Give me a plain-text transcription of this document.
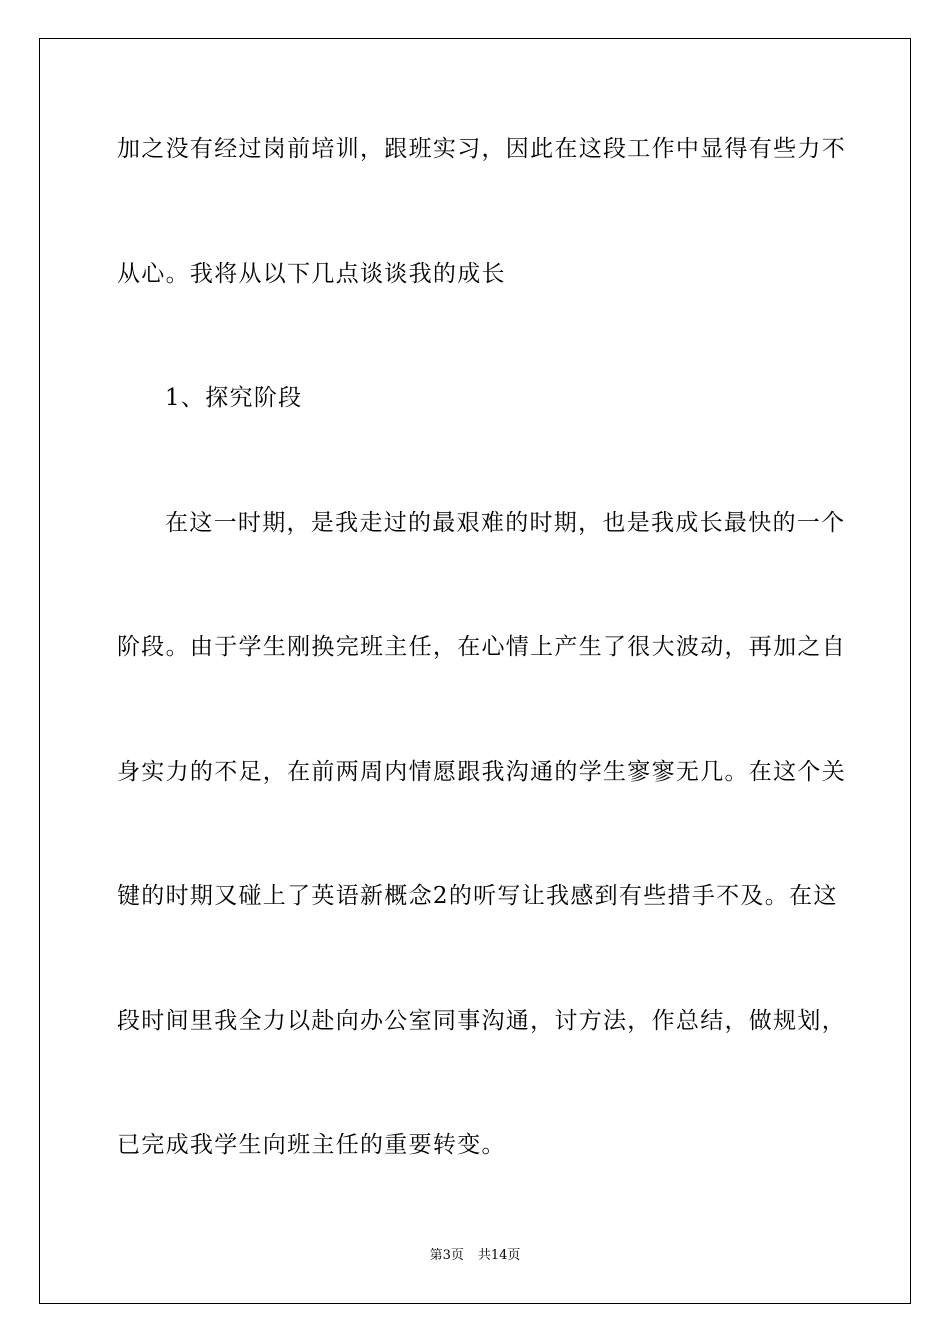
加之没有经过岗前培训，跟班实习，因此在这段工作中显得有些力不
从心。我将从以下几点谈谈我的成长
1、探究阶段
在这一时期，是我走过的最艰难的时期，也是我成长最快的一个
阶段。由于学生刚换完班主任，在心情上产生了很大波动，再加之自
身实力的不足，在前两周内情愿跟我沟通的学生寥寥无几。在这个关
键的时期又碰上了英语新概念2的听写让我感到有些措手不及。在这
段时间里我全力以赴向办公室同事沟通，讨方法，作总结，做规划，
已完成我学生向班主任的重要转变。
第3页 共14页
